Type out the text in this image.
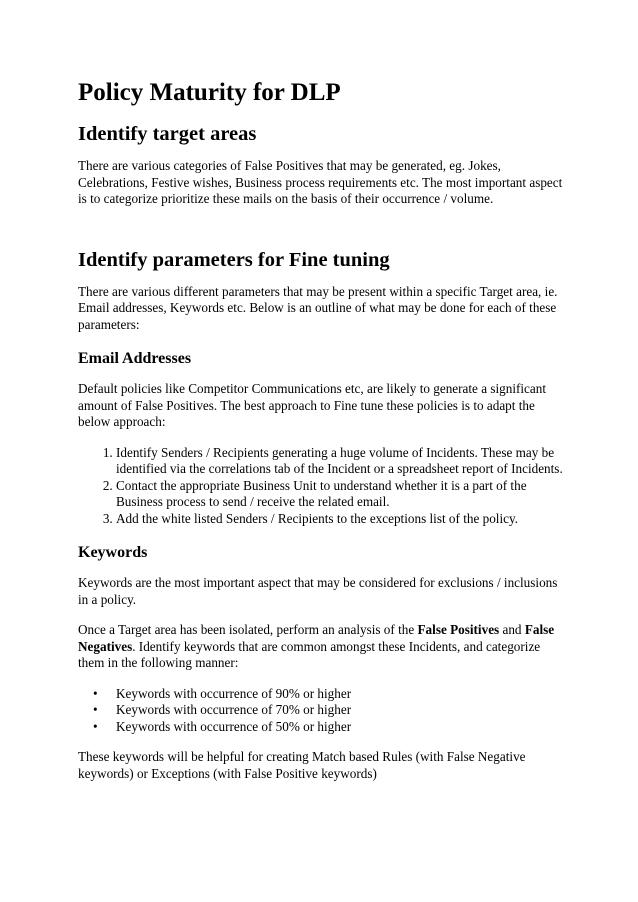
Policy Maturity for DLP
Identify target areas

There are various categories of False Positives that may be generated, eg. Jokes, Celebrations, Festive wishes, Business process requirements etc. The most important aspect is to categorize prioritize these mails on the basis of their occurrence / volume.

Identify parameters for Fine tuning

There are various different parameters that may be present within a specific Target area, ie. Email addresses, Keywords etc. Below is an outline of what may be done for each of these parameters:

Email Addresses

Default policies like Competitor Communications etc, are likely to generate a significant amount of False Positives. The best approach to Fine tune these policies is to adapt the below approach:

1. Identify Senders / Recipients generating a huge volume of Incidents. These may be identified via the correlations tab of the Incident or a spreadsheet report of Incidents.
2. Contact the appropriate Business Unit to understand whether it is a part of the Business process to send / receive the related email.
3. Add the white listed Senders / Recipients to the exceptions list of the policy.
Keywords

Keywords are the most important aspect that may be considered for exclusions / inclusions in a policy.

Once a Target area has been isolated, perform an analysis of the False Positives and False Negatives. Identify keywords that are common amongst these Incidents, and categorize them in the following manner:

• Keywords with occurrence of 90% or higher
• Keywords with occurrence of 70% or higher
• Keywords with occurrence of 50% or higher

These keywords will be helpful for creating Match based Rules (with False Negative keywords) or Exceptions (with False Positive keywords)
